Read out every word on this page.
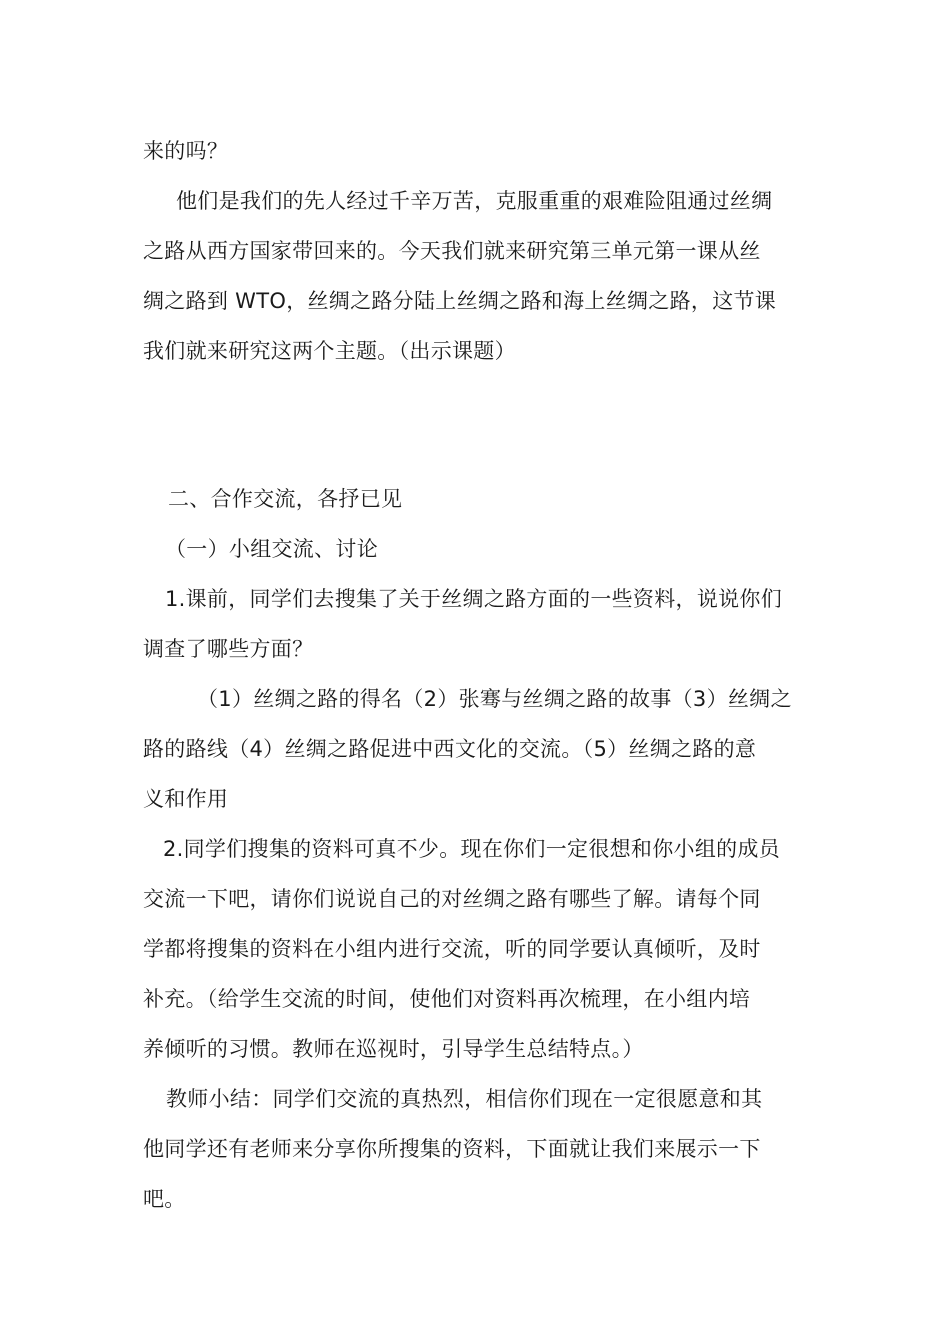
来的吗？
他们是我们的先人经过千辛万苦，克服重重的艰难险阻通过丝绸
之路从西方国家带回来的。今天我们就来研究第三单元第一课从丝
绸之路到 WTO，丝绸之路分陆上丝绸之路和海上丝绸之路，这节课
我们就来研究这两个主题。（出示课题）
二、合作交流，各抒已见
（一）小组交流、讨论
1.课前，同学们去搜集了关于丝绸之路方面的一些资料，说说你们
调查了哪些方面？
（1）丝绸之路的得名（2）张骞与丝绸之路的故事（3）丝绸之
路的路线（4）丝绸之路促进中西文化的交流。（5）丝绸之路的意
义和作用
2.同学们搜集的资料可真不少。现在你们一定很想和你小组的成员
交流一下吧，请你们说说自己的对丝绸之路有哪些了解。请每个同
学都将搜集的资料在小组内进行交流，听的同学要认真倾听，及时
补充。（给学生交流的时间，使他们对资料再次梳理，在小组内培
养倾听的习惯。教师在巡视时，引导学生总结特点。）
教师小结：同学们交流的真热烈，相信你们现在一定很愿意和其
他同学还有老师来分享你所搜集的资料，下面就让我们来展示一下
吧。
